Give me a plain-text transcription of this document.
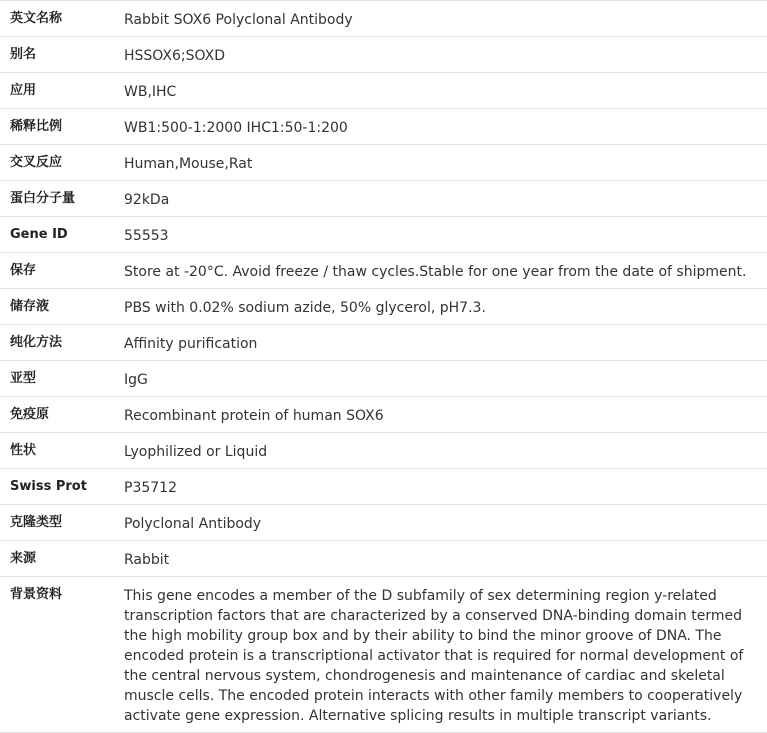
英文名称	Rabbit SOX6 Polyclonal Antibody
别名	HSSOX6;SOXD
应用	WB,IHC
稀释比例	WB1:500-1:2000 IHC1:50-1:200
交叉反应	Human,Mouse,Rat
蛋白分子量	92kDa
Gene ID	55553
保存	Store at -20°C. Avoid freeze / thaw cycles.Stable for one year from the date of shipment.
储存液	PBS with 0.02% sodium azide, 50% glycerol, pH7.3.
纯化方法	Affinity purification
亚型	IgG
免疫原	Recombinant protein of human SOX6
性状	Lyophilized or Liquid
Swiss Prot	P35712
克隆类型	Polyclonal Antibody
来源	Rabbit
背景资料	This gene encodes a member of the D subfamily of sex determining region y-related transcription factors that are characterized by a conserved DNA-binding domain termed the high mobility group box and by their ability to bind the minor groove of DNA. The encoded protein is a transcriptional activator that is required for normal development of the central nervous system, chondrogenesis and maintenance of cardiac and skeletal muscle cells. The encoded protein interacts with other family members to cooperatively activate gene expression. Alternative splicing results in multiple transcript variants.
